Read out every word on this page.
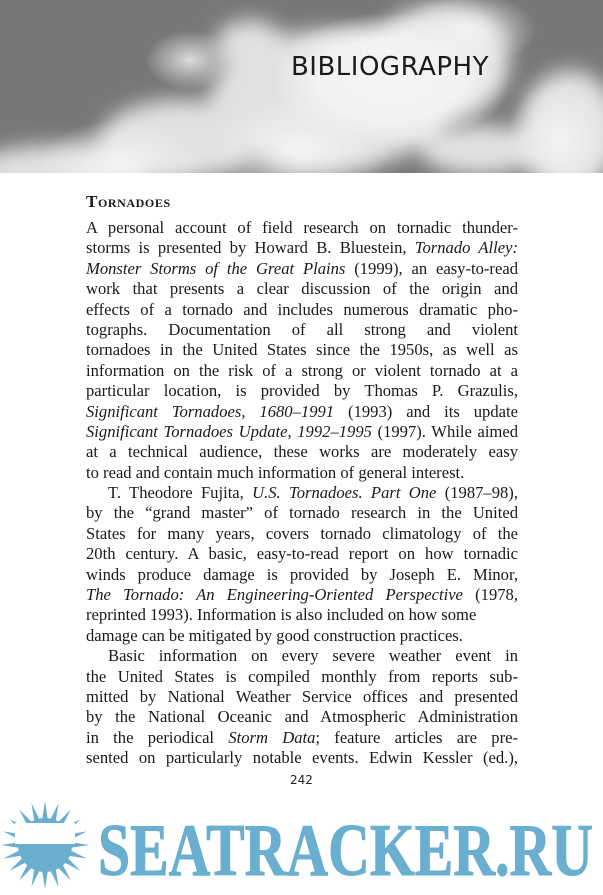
BIBLIOGRAPHY
Tornadoes
A personal account of field research on tornadic thunder-
storms is presented by Howard B. Bluestein, Tornado Alley:
Monster Storms of the Great Plains (1999), an easy-to-read
work that presents a clear discussion of the origin and
effects of a tornado and includes numerous dramatic pho-
tographs. Documentation of all strong and violent
tornadoes in the United States since the 1950s, as well as
information on the risk of a strong or violent tornado at a
particular location, is provided by Thomas P. Grazulis,
Significant Tornadoes, 1680–1991 (1993) and its update
Significant Tornadoes Update, 1992–1995 (1997). While aimed
at a technical audience, these works are moderately easy
to read and contain much information of general interest.
T. Theodore Fujita, U.S. Tornadoes. Part One (1987–98),
by the “grand master” of tornado research in the United
States for many years, covers tornado climatology of the
20th century. A basic, easy-to-read report on how tornadic
winds produce damage is provided by Joseph E. Minor,
The Tornado: An Engineering-Oriented Perspective (1978,
reprinted 1993). Information is also included on how some
damage can be mitigated by good construction practices.
Basic information on every severe weather event in
the United States is compiled monthly from reports sub-
mitted by National Weather Service offices and presented
by the National Oceanic and Atmospheric Administration
in the periodical Storm Data; feature articles are pre-
sented on particularly notable events. Edwin Kessler (ed.),
242
SEATRACKER.RU
